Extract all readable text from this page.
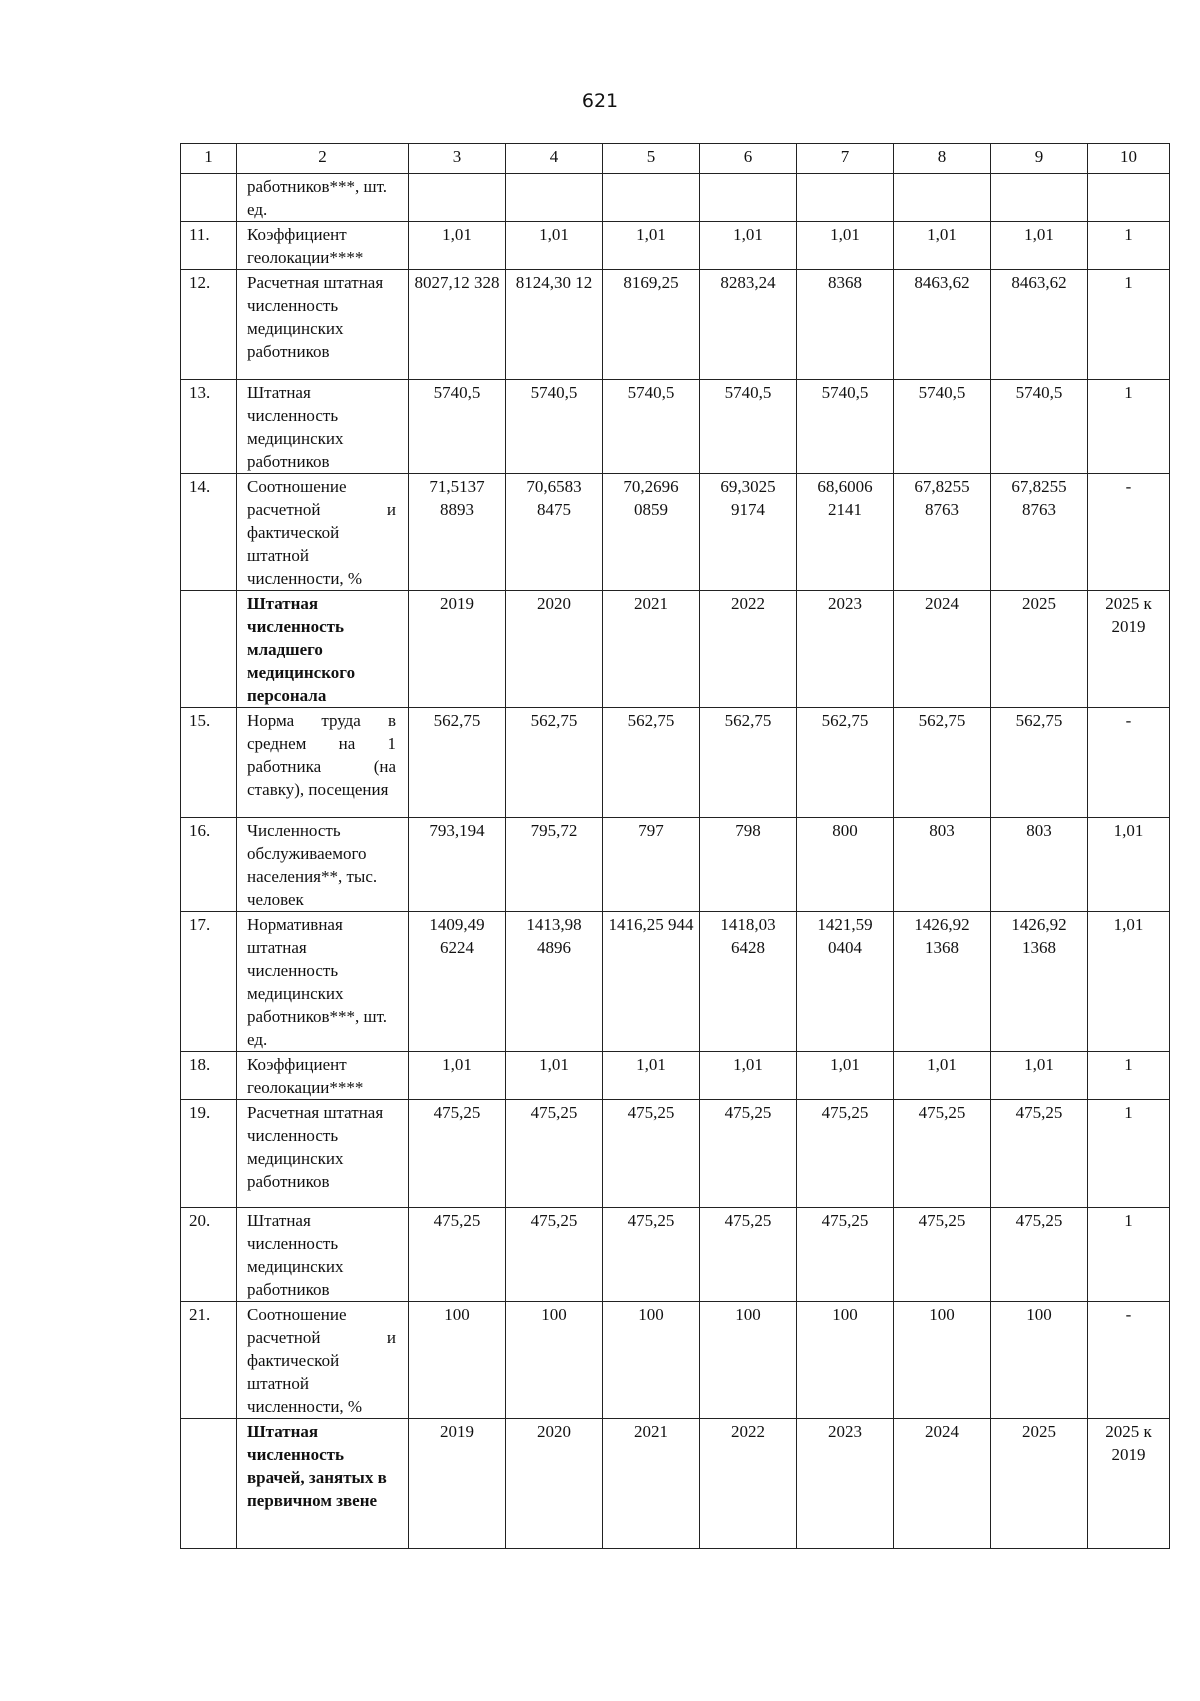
621
1	2	3	4	5	6	7	8	9	10
	работников***, шт. ед.								
11.	Коэффициент геолокации****	1,01	1,01	1,01	1,01	1,01	1,01	1,01	1
12.	Расчетная штатная численность медицинских работников	8027,12 328	8124,30 12	8169,25	8283,24	8368	8463,62	8463,62	1
13.	Штатная численность медицинских работников	5740,5	5740,5	5740,5	5740,5	5740,5	5740,5	5740,5	1
14.	Соотношение расчетной и фактической штатной численности, %	71,5137 8893	70,6583 8475	70,2696 0859	69,3025 9174	68,6006 2141	67,8255 8763	67,8255 8763	-
	Штатная численность младшего медицинского персонала	2019	2020	2021	2022	2023	2024	2025	2025 к 2019
15.	Норма труда в среднем на 1 работника (на ставку), посещения	562,75	562,75	562,75	562,75	562,75	562,75	562,75	-
16.	Численность обслуживаемого населения**, тыс. человек	793,194	795,72	797	798	800	803	803	1,01
17.	Нормативная штатная численность медицинских работников***, шт. ед.	1409,49 6224	1413,98 4896	1416,25 944	1418,03 6428	1421,59 0404	1426,92 1368	1426,92 1368	1,01
18.	Коэффициент геолокации****	1,01	1,01	1,01	1,01	1,01	1,01	1,01	1
19.	Расчетная штатная численность медицинских работников	475,25	475,25	475,25	475,25	475,25	475,25	475,25	1
20.	Штатная численность медицинских работников	475,25	475,25	475,25	475,25	475,25	475,25	475,25	1
21.	Соотношение расчетной и фактической штатной численности, %	100	100	100	100	100	100	100	-
	Штатная численность врачей, занятых в первичном звене	2019	2020	2021	2022	2023	2024	2025	2025 к 2019
